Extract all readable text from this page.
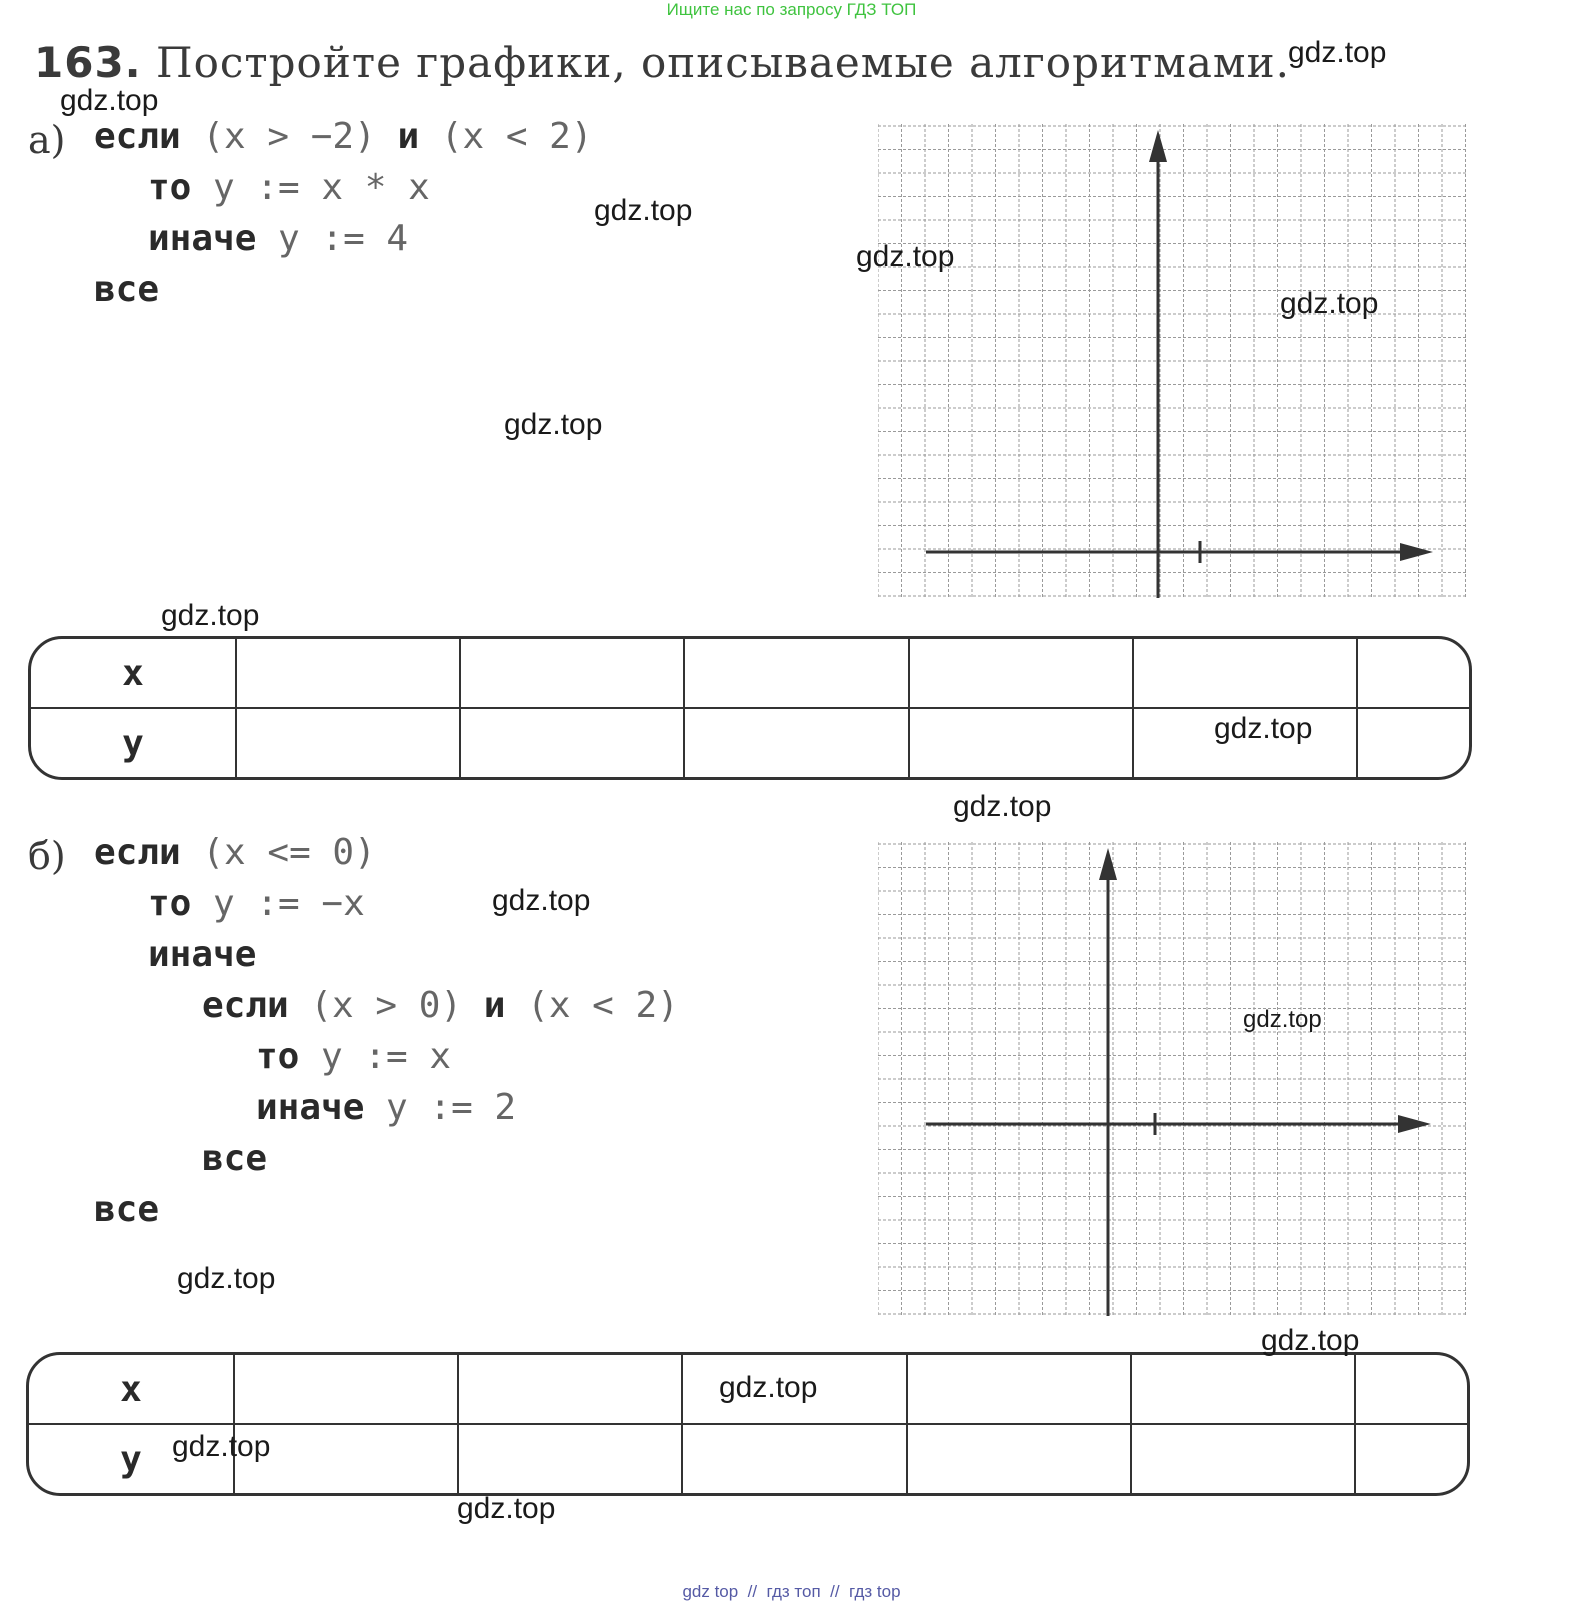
Ищите нас по запросу ГДЗ ТОП
gdz top  //  гдз топ  //  гдз top
163. Постройте графики, описываемые алгоритмами.
а) если (x > −2) и (x < 2)
то y := x * x
иначе y := 4
все
x						
y						
б) если (x <= 0)
то y := −x
иначе
если (x > 0) и (x < 2)
то y := x
иначе y := 2
все
все
x						
y						
gdz.top
gdz.top
gdz.top
gdz.top
gdz.top
gdz.top
gdz.top
gdz.top
gdz.top
gdz.top
gdz.top
gdz.top
gdz.top
gdz.top
gdz.top
gdz.top
